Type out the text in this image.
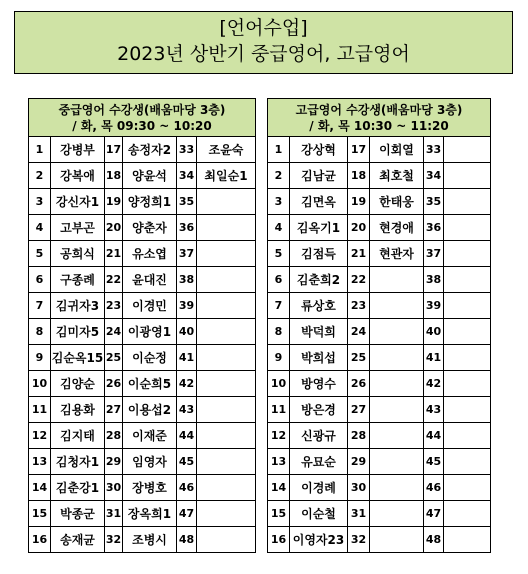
[언어수업]
2023년 상반기 중급영어, 고급영어
중급영어 수강생(배움마당 3층)
/ 화, 목 09:30 ~ 10:20					

1	강병부	17	송정자2	33	조윤숙
2	강복애	18	양윤석	34	최일순1
3	강신자1	19	양정희1	35	
4	고부곤	20	양춘자	36	
5	공희식	21	유소엽	37	
6	구종례	22	윤대진	38	
7	김귀자3	23	이경민	39	
8	김미자5	24	이광영1	40	
9	김순옥15	25	이순정	41	
10	김양순	26	이순희5	42	
11	김용화	27	이용섭2	43	
12	김지태	28	이재준	44	
13	김청자1	29	임영자	45	
14	김춘강1	30	장병호	46	
15	박종군	31	장옥희1	47	
16	송재균	32	조병시	48	
고급영어 수강생(배움마당 3층)
/ 화, 목 10:30 ~ 11:20					

1	강상혁	17	이회열	33	
2	김남균	18	최호철	34	
3	김면옥	19	한태웅	35	
4	김옥기1	20	현경애	36	
5	김점득	21	현관자	37	
6	김춘희2	22		38	
7	류상호	23		39	
8	박덕희	24		40	
9	박희섭	25		41	
10	방영수	26		42	
11	방은경	27		43	
12	신광규	28		44	
13	유묘순	29		45	
14	이경례	30		46	
15	이순철	31		47	
16	이영자23	32		48	
